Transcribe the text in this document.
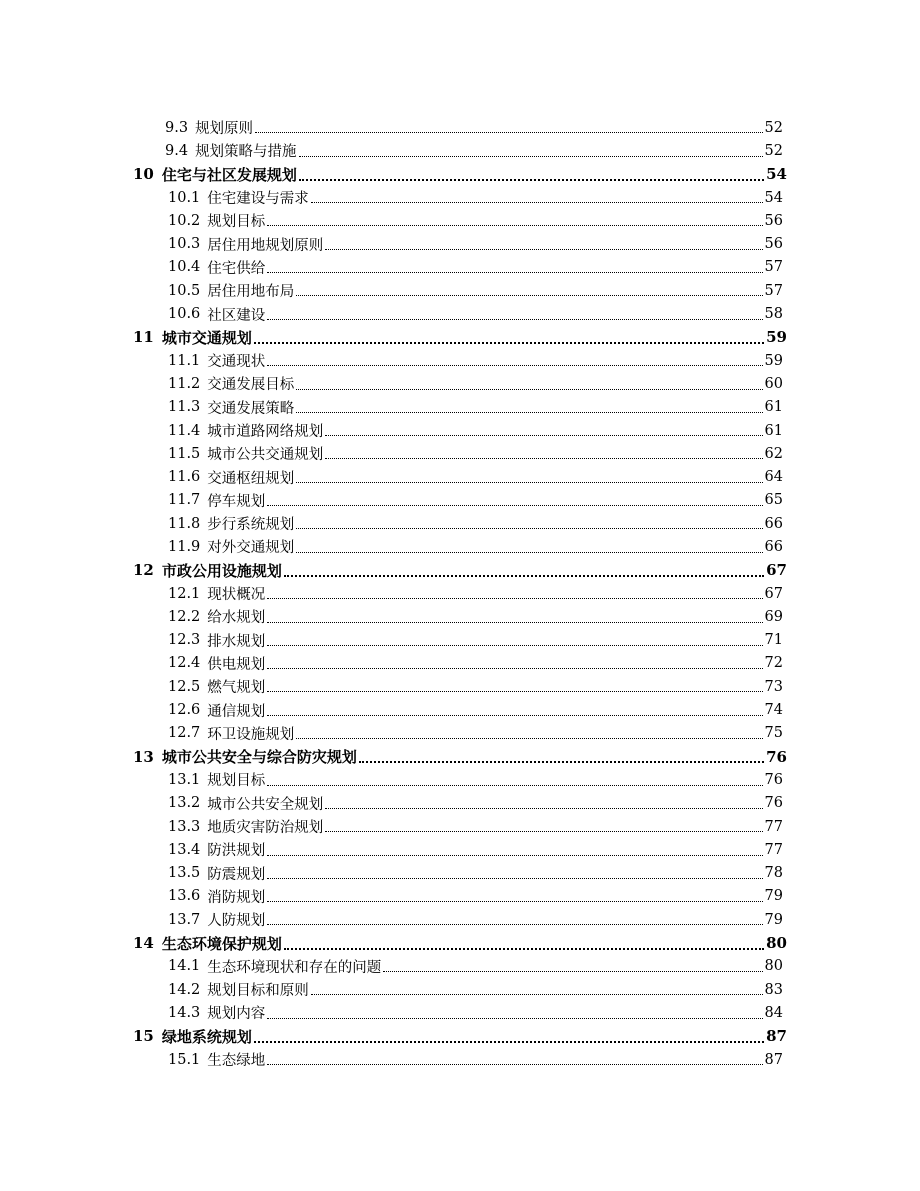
9.3 规划原则	52
9.4 规划策略与措施	52
10 住宅与社区发展规划	54
10.1 住宅建设与需求	54
10.2 规划目标	56
10.3 居住用地规划原则	56
10.4 住宅供给	57
10.5 居住用地布局	57
10.6 社区建设	58
11 城市交通规划	59
11.1 交通现状	59
11.2 交通发展目标	60
11.3 交通发展策略	61
11.4 城市道路网络规划	61
11.5 城市公共交通规划	62
11.6 交通枢纽规划	64
11.7 停车规划	65
11.8 步行系统规划	66
11.9 对外交通规划	66
12 市政公用设施规划	67
12.1 现状概况	67
12.2 给水规划	69
12.3 排水规划	71
12.4 供电规划	72
12.5 燃气规划	73
12.6 通信规划	74
12.7 环卫设施规划	75
13 城市公共安全与综合防灾规划	76
13.1 规划目标	76
13.2 城市公共安全规划	76
13.3 地质灾害防治规划	77
13.4 防洪规划	77
13.5 防震规划	78
13.6 消防规划	79
13.7 人防规划	79
14 生态环境保护规划	80
14.1 生态环境现状和存在的问题	80
14.2 规划目标和原则	83
14.3 规划内容	84
15 绿地系统规划	87
15.1 生态绿地	87
